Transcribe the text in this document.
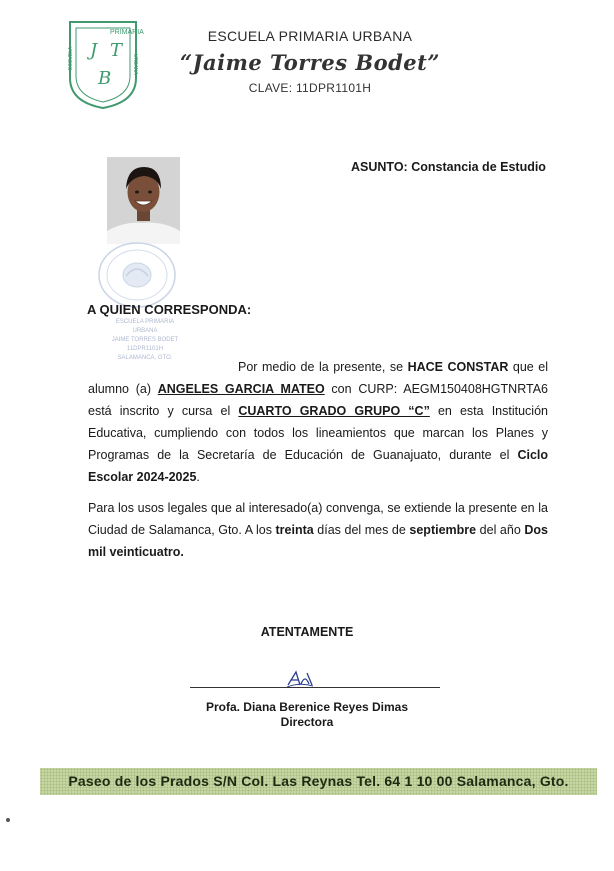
PRIMARIA
ESCUELA	URBANA
J T
B
ESCUELA PRIMARIA URBANA
“Jaime Torres Bodet”
CLAVE: 11DPR1101H
ESCUELA PRIMARIA
URBANA
JAIME TORRES BODET
11DPR1101H
SALAMANCA, GTO.
ASUNTO: Constancia de Estudio
A QUIEN CORRESPONDA:
Por medio de la presente, se HACE CONSTAR que el alumno (a) ANGELES GARCIA MATEO con CURP: AEGM150408HGTNRTA6 está inscrito y cursa el CUARTO GRADO GRUPO “C” en esta Institución Educativa, cumpliendo con todos los lineamientos que marcan los Planes y Programas de la Secretaría de Educación de Guanajuato, durante el Ciclo Escolar 2024-2025.
Para los usos legales que al interesado(a) convenga, se extiende la presente en la Ciudad de Salamanca, Gto. A los treinta días del mes de septiembre del año Dos mil veinticuatro.
ATENTAMENTE
Profa. Diana Berenice Reyes Dimas
Directora
Paseo de los Prados S/N Col. Las Reynas Tel. 64 1 10 00 Salamanca, Gto.
